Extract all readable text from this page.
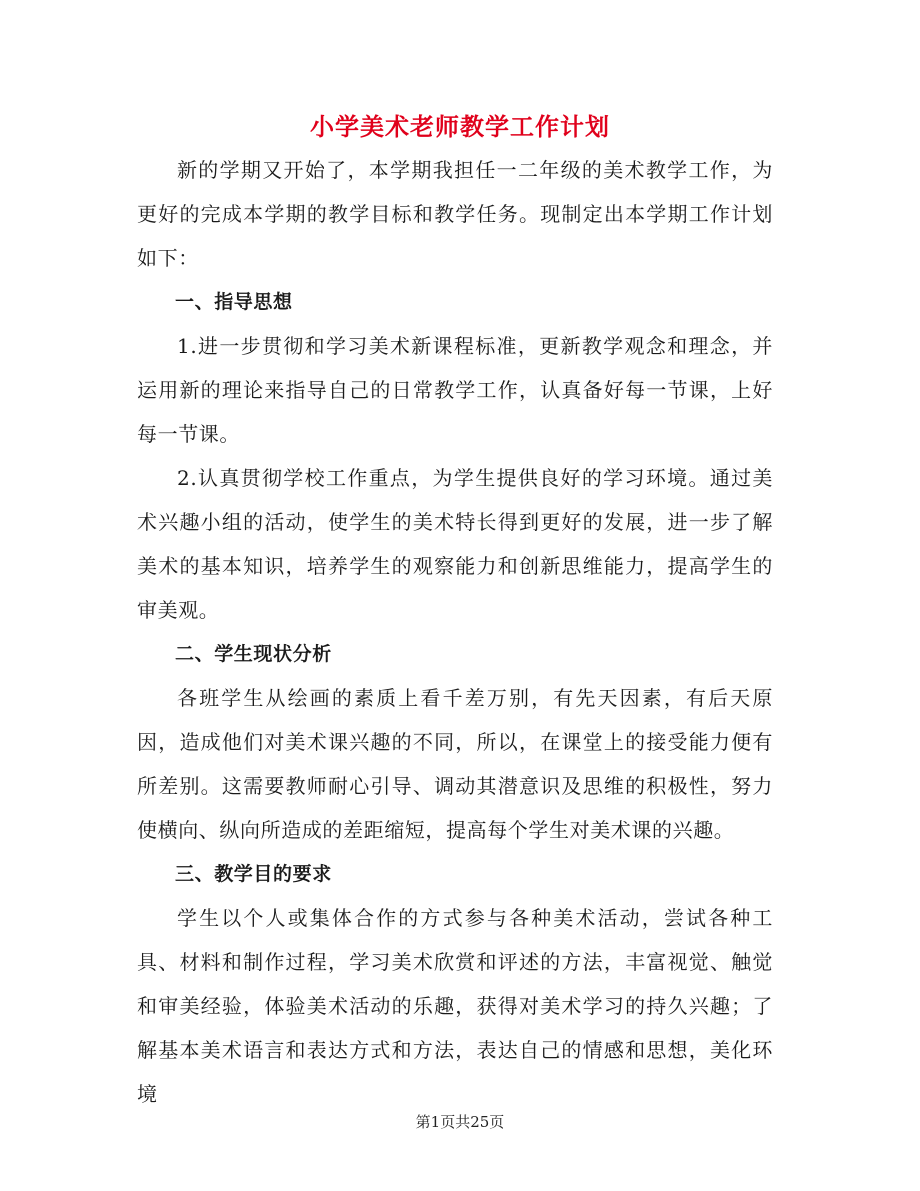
小学美术老师教学工作计划

新的学期又开始了，本学期我担任一二年级的美术教学工作，为更好的完成本学期的教学目标和教学任务。现制定出本学期工作计划如下：

一、指导思想

1.进一步贯彻和学习美术新课程标准，更新教学观念和理念，并运用新的理论来指导自己的日常教学工作，认真备好每一节课，上好每一节课。

2.认真贯彻学校工作重点，为学生提供良好的学习环境。通过美术兴趣小组的活动，使学生的美术特长得到更好的发展，进一步了解美术的基本知识，培养学生的观察能力和创新思维能力，提高学生的审美观。

二、学生现状分析

各班学生从绘画的素质上看千差万别，有先天因素，有后天原因，造成他们对美术课兴趣的不同，所以，在课堂上的接受能力便有所差别。这需要教师耐心引导、调动其潜意识及思维的积极性，努力使横向、纵向所造成的差距缩短，提高每个学生对美术课的兴趣。

三、教学目的要求

学生以个人或集体合作的方式参与各种美术活动，尝试各种工具、材料和制作过程，学习美术欣赏和评述的方法，丰富视觉、触觉和审美经验，体验美术活动的乐趣，获得对美术学习的持久兴趣；了解基本美术语言和表达方式和方法，表达自己的情感和思想，美化环境

第1页共25页
